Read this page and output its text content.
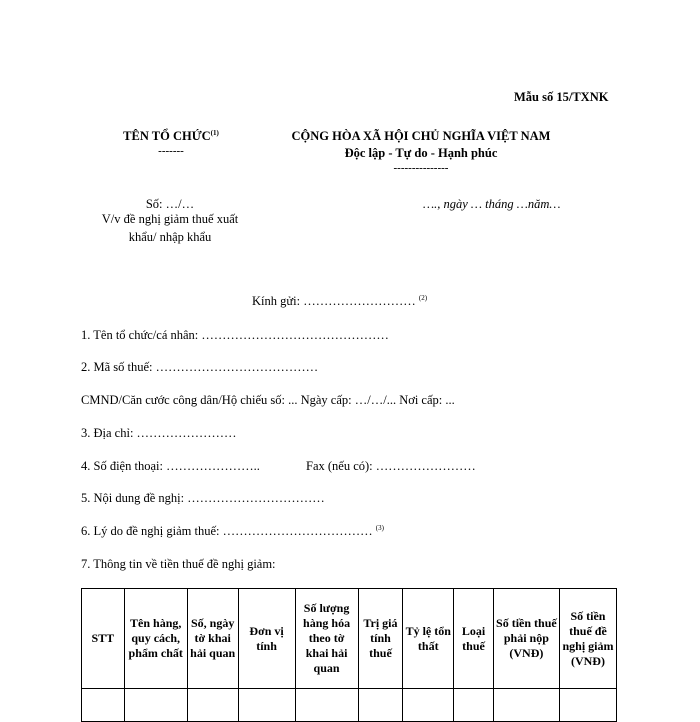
Mẫu số 15/TXNK
TÊN TỔ CHỨC$^{(1)}$
-------
CỘNG HÒA XÃ HỘI CHỦ NGHĨA VIỆT NAM
Độc lập - Tự do - Hạnh phúc
---------------
Số: …/…
V/v đề nghị giảm thuế xuất
khẩu/ nhập khẩu
…., ngày … tháng …năm…
Kính gửi: ……………………… $^{(2)}$
1. Tên tổ chức/cá nhân: ………………………………………
2. Mã số thuế: …………………………………
CMND/Căn cước công dân/Hộ chiếu số: ... Ngày cấp: …/…/... Nơi cấp: ...
3. Địa chỉ: ……………………
4. Số điện thoại: …………………..	Fax (nếu có): ……………………
5. Nội dung đề nghị: ……………………………
6. Lý do đề nghị giảm thuế: ……………………………… $^{(3)}$
7. Thông tin về tiền thuế đề nghị giảm:
STT	Tên hàng, quy cách, phẩm chất	Số, ngày tờ khai hải quan	Đơn vị tính	Số lượng hàng hóa theo tờ khai hải quan	Trị giá tính thuế	Tỷ lệ tổn thất	Loại thuế	Số tiền thuế phải nộp (VNĐ)	Số tiền thuế đề nghị giảm (VNĐ)
